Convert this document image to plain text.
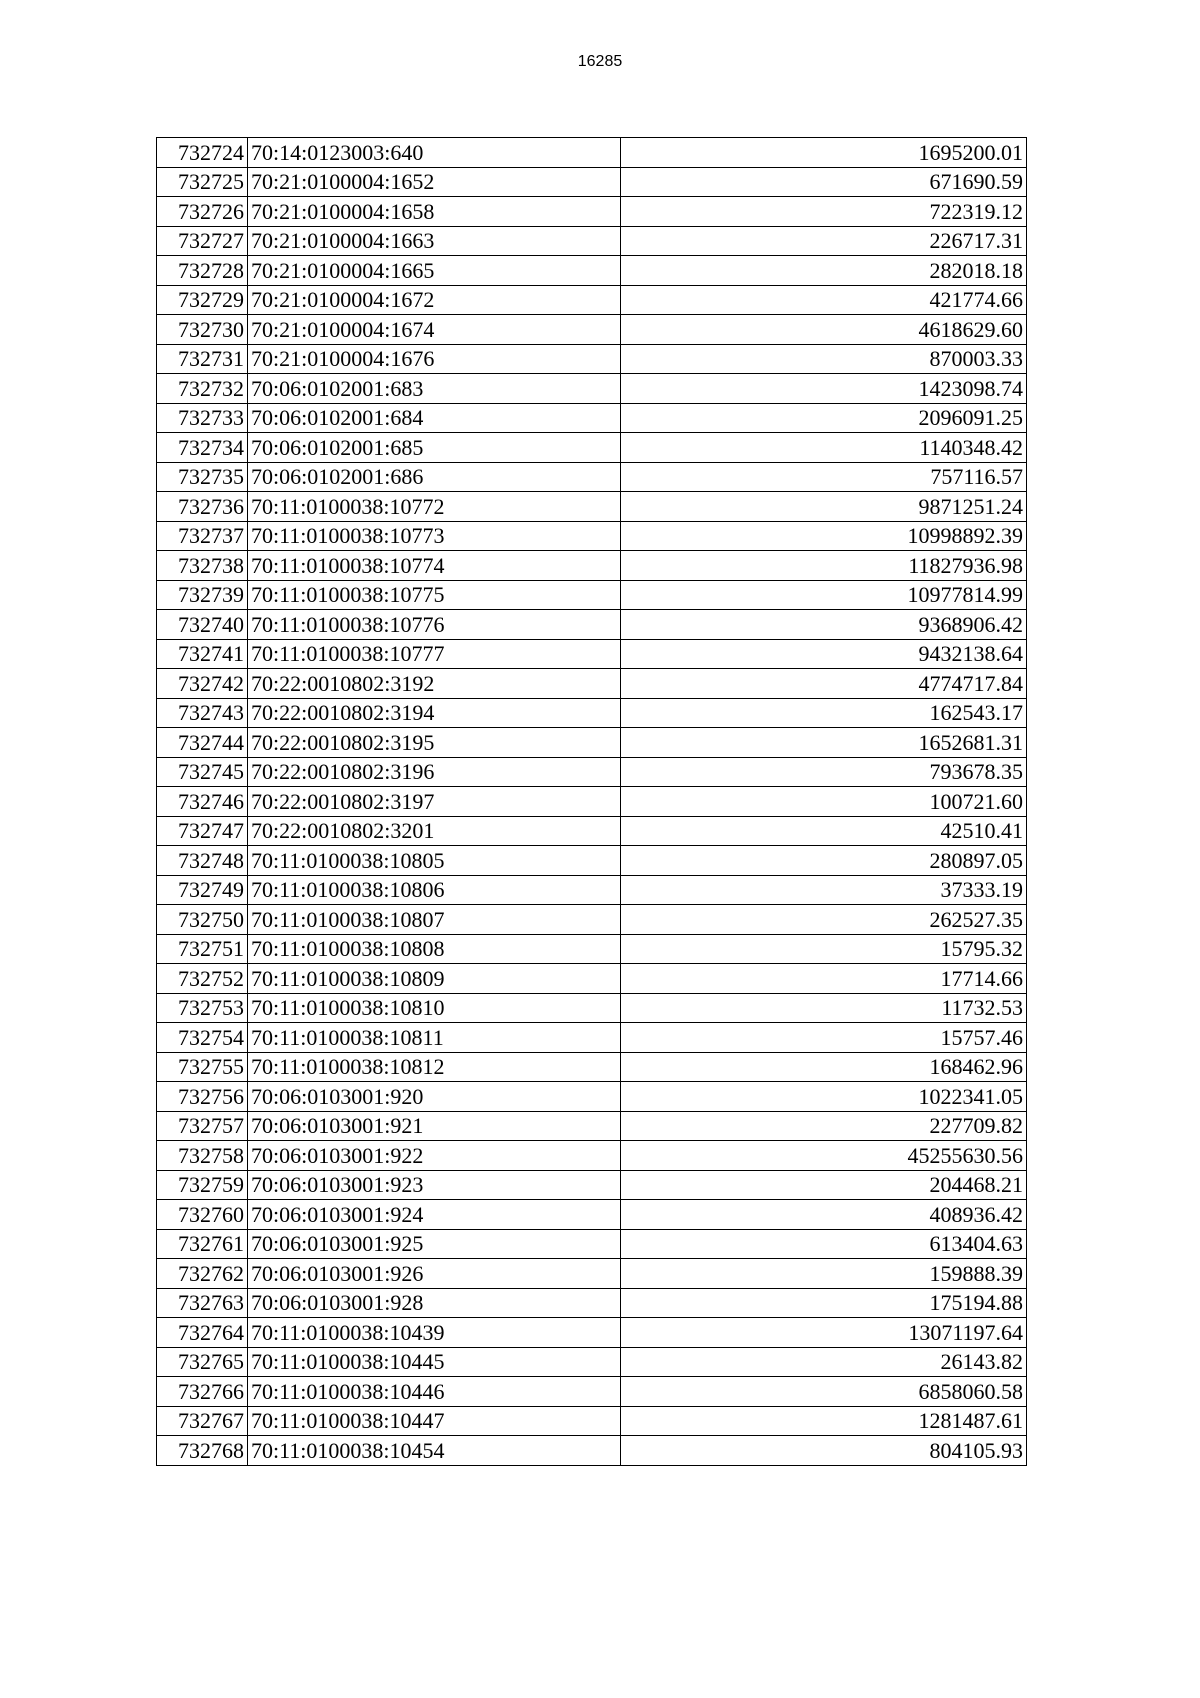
16285
732724	70:14:0123003:640	1695200.01
732725	70:21:0100004:1652	671690.59
732726	70:21:0100004:1658	722319.12
732727	70:21:0100004:1663	226717.31
732728	70:21:0100004:1665	282018.18
732729	70:21:0100004:1672	421774.66
732730	70:21:0100004:1674	4618629.60
732731	70:21:0100004:1676	870003.33
732732	70:06:0102001:683	1423098.74
732733	70:06:0102001:684	2096091.25
732734	70:06:0102001:685	1140348.42
732735	70:06:0102001:686	757116.57
732736	70:11:0100038:10772	9871251.24
732737	70:11:0100038:10773	10998892.39
732738	70:11:0100038:10774	11827936.98
732739	70:11:0100038:10775	10977814.99
732740	70:11:0100038:10776	9368906.42
732741	70:11:0100038:10777	9432138.64
732742	70:22:0010802:3192	4774717.84
732743	70:22:0010802:3194	162543.17
732744	70:22:0010802:3195	1652681.31
732745	70:22:0010802:3196	793678.35
732746	70:22:0010802:3197	100721.60
732747	70:22:0010802:3201	42510.41
732748	70:11:0100038:10805	280897.05
732749	70:11:0100038:10806	37333.19
732750	70:11:0100038:10807	262527.35
732751	70:11:0100038:10808	15795.32
732752	70:11:0100038:10809	17714.66
732753	70:11:0100038:10810	11732.53
732754	70:11:0100038:10811	15757.46
732755	70:11:0100038:10812	168462.96
732756	70:06:0103001:920	1022341.05
732757	70:06:0103001:921	227709.82
732758	70:06:0103001:922	45255630.56
732759	70:06:0103001:923	204468.21
732760	70:06:0103001:924	408936.42
732761	70:06:0103001:925	613404.63
732762	70:06:0103001:926	159888.39
732763	70:06:0103001:928	175194.88
732764	70:11:0100038:10439	13071197.64
732765	70:11:0100038:10445	26143.82
732766	70:11:0100038:10446	6858060.58
732767	70:11:0100038:10447	1281487.61
732768	70:11:0100038:10454	804105.93
